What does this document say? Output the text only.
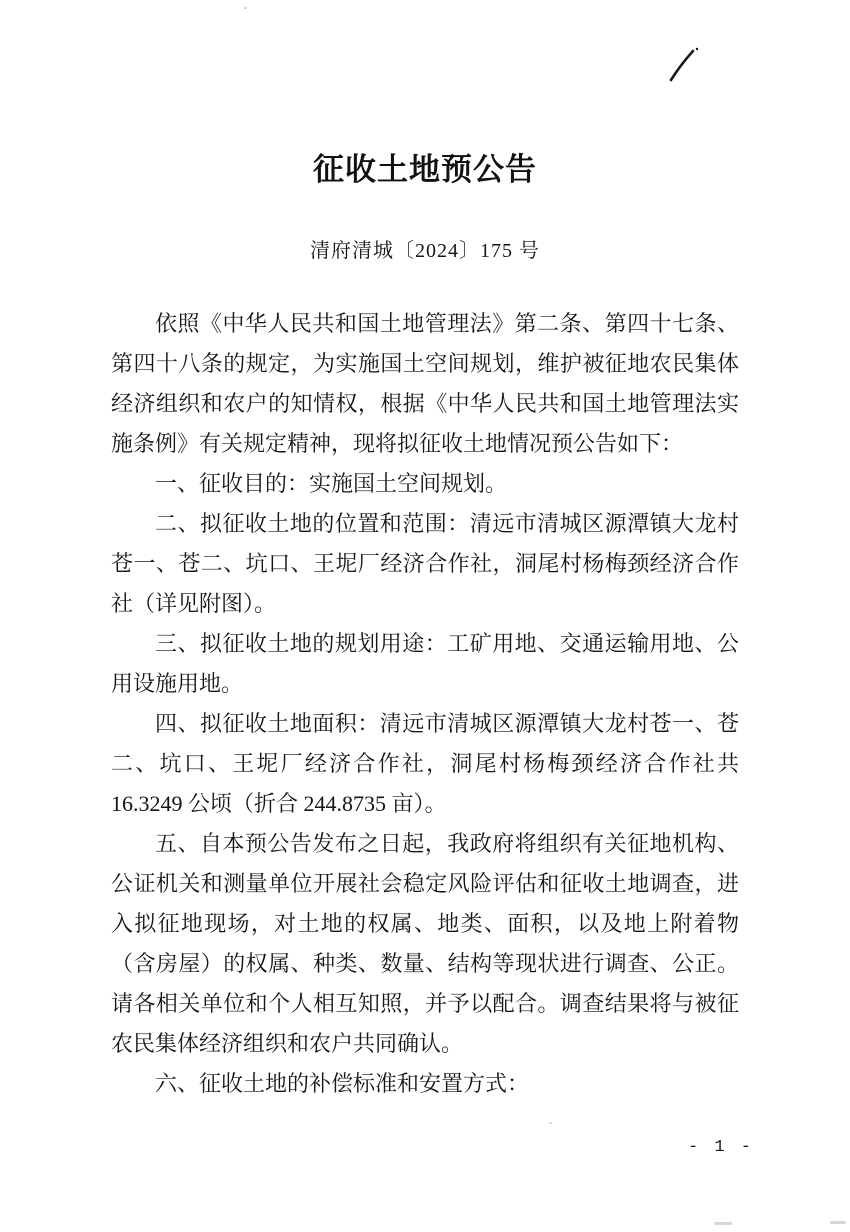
征收土地预公告
清府清城〔2024〕175 号

依照《中华人民共和国土地管理法》第二条、第四十七条、第四十八条的规定，为实施国土空间规划，维护被征地农民集体经济组织和农户的知情权，根据《中华人民共和国土地管理法实施条例》有关规定精神，现将拟征收土地情况预公告如下：

一、征收目的：实施国土空间规划。

二、拟征收土地的位置和范围：清远市清城区源潭镇大龙村苍一、苍二、坑口、王坭厂经济合作社，洞尾村杨梅颈经济合作社（详见附图）。

三、拟征收土地的规划用途：工矿用地、交通运输用地、公用设施用地。

四、拟征收土地面积：清远市清城区源潭镇大龙村苍一、苍二、坑口、王坭厂经济合作社，洞尾村杨梅颈经济合作社共 16.3249 公顷（折合 244.8735 亩）。

五、自本预公告发布之日起，我政府将组织有关征地机构、公证机关和测量单位开展社会稳定风险评估和征收土地调查，进入拟征地现场，对土地的权属、地类、面积，以及地上附着物（含房屋）的权属、种类、数量、结构等现状进行调查、公正。请各相关单位和个人相互知照，并予以配合。调查结果将与被征农民集体经济组织和农户共同确认。

六、征收土地的补偿标准和安置方式：

- 1 -
